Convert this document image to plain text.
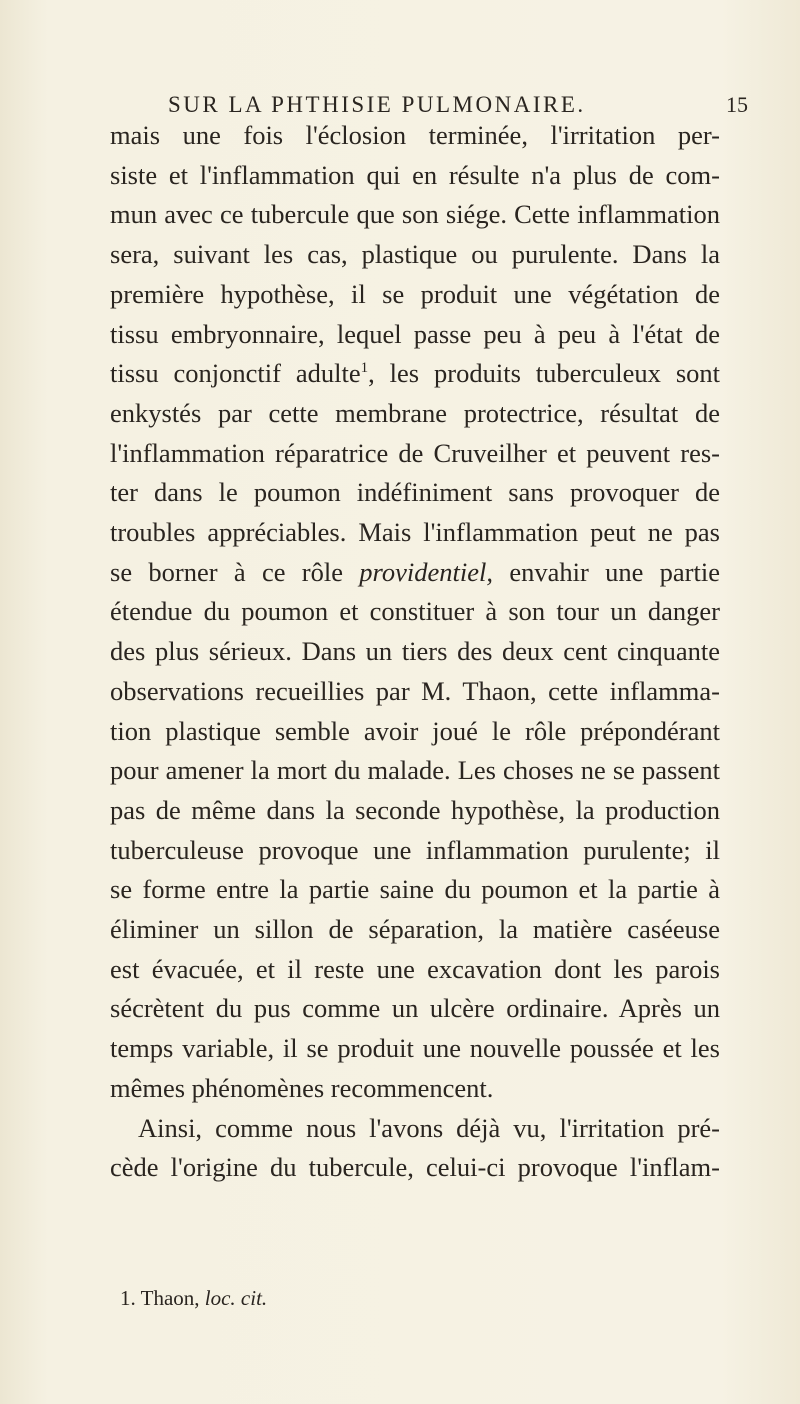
SUR LA PHTHISIE PULMONAIRE.	15
mais une fois l'éclosion terminée, l'irritation per-
siste et l'inflammation qui en résulte n'a plus de com-
mun avec ce tubercule que son siége. Cette inflammation
sera, suivant les cas, plastique ou purulente. Dans la
première hypothèse, il se produit une végétation de
tissu embryonnaire, lequel passe peu à peu à l'état de
tissu conjonctif adulte$^1$, les produits tuberculeux sont
enkystés par cette membrane protectrice, résultat de
l'inflammation réparatrice de Cruveilher et peuvent res-
ter dans le poumon indéfiniment sans provoquer de
troubles appréciables. Mais l'inflammation peut ne pas
se borner à ce rôle providentiel, envahir une partie
étendue du poumon et constituer à son tour un danger
des plus sérieux. Dans un tiers des deux cent cinquante
observations recueillies par M. Thaon, cette inflamma-
tion plastique semble avoir joué le rôle prépondérant
pour amener la mort du malade. Les choses ne se passent
pas de même dans la seconde hypothèse, la production
tuberculeuse provoque une inflammation purulente; il
se forme entre la partie saine du poumon et la partie à
éliminer un sillon de séparation, la matière caséeuse
est évacuée, et il reste une excavation dont les parois
sécrètent du pus comme un ulcère ordinaire. Après un
temps variable, il se produit une nouvelle poussée et les
mêmes phénomènes recommencent.
Ainsi, comme nous l'avons déjà vu, l'irritation pré-
cède l'origine du tubercule, celui-ci provoque l'inflam-
1. Thaon, loc. cit.
